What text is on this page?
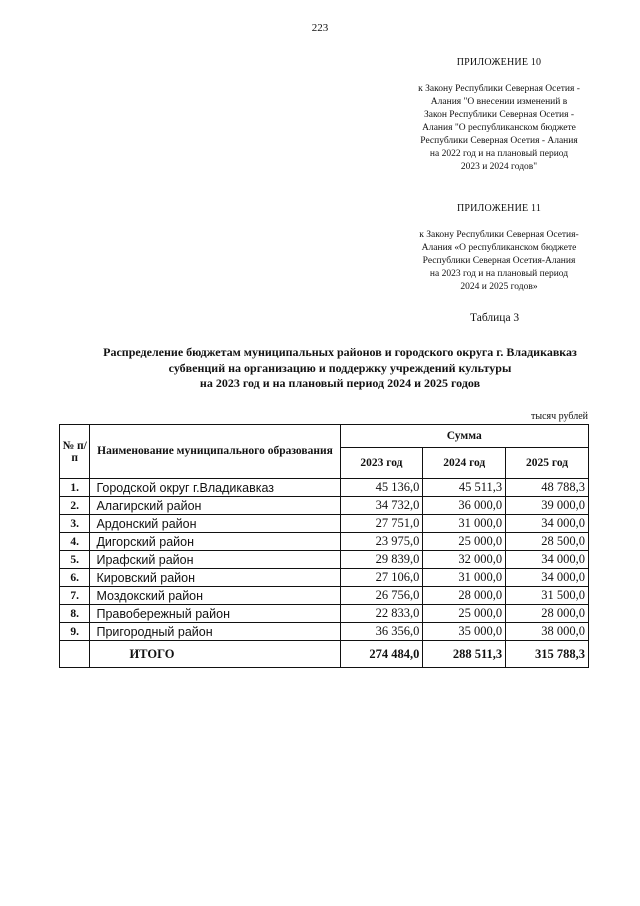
223
ПРИЛОЖЕНИЕ 10
к Закону Республики Северная Осетия -
Алания "О внесении изменений в
Закон Республики Северная Осетия -
Алания "О республиканском бюджете
Республики Северная Осетия - Алания
на 2022 год и на плановый период
2023 и 2024 годов"
ПРИЛОЖЕНИЕ 11
к Закону Республики Северная Осетия-
Алания «О республиканском бюджете
Республики Северная Осетия-Алания
на 2023 год и на плановый период
2024 и 2025 годов»
Таблица 3
Распределение бюджетам муниципальных районов и городского округа г. Владикавказ
субвенций на организацию и поддержку учреждений культуры
на 2023 год и на плановый период 2024 и 2025 годов
тысяч рублей
№ п/п	Наименование муниципального образования	Сумма		
		2023 год	2024 год	2025 год
1.	Городской округ г.Владикавказ	45 136,0	45 511,3	48 788,3
2.	Алагирский район	34 732,0	36 000,0	39 000,0
3.	Ардонский район	27 751,0	31 000,0	34 000,0
4.	Дигорский район	23 975,0	25 000,0	28 500,0
5.	Ирафский район	29 839,0	32 000,0	34 000,0
6.	Кировский район	27 106,0	31 000,0	34 000,0
7.	Моздокский район	26 756,0	28 000,0	31 500,0
8.	Правобережный район	22 833,0	25 000,0	28 000,0
9.	Пригородный район	36 356,0	35 000,0	38 000,0
	ИТОГО	274 484,0	288 511,3	315 788,3
